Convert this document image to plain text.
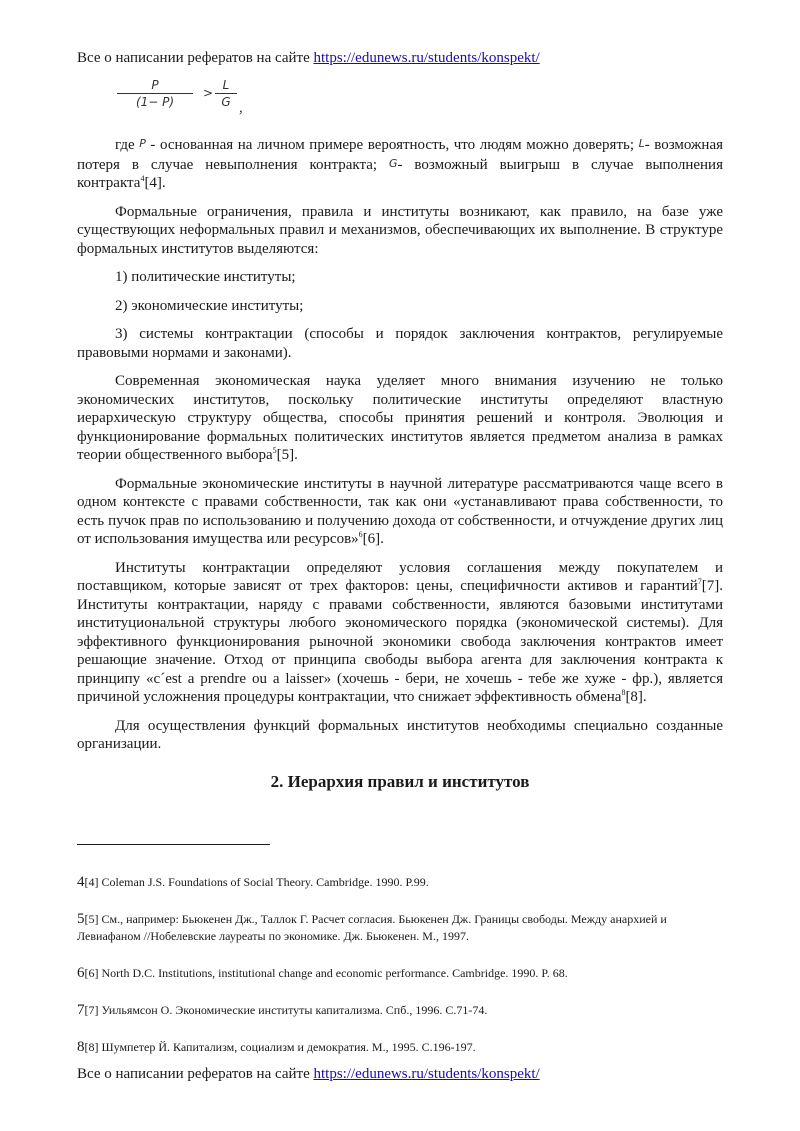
Все о написании рефератов на сайте https://edunews.ru/students/konspekt/
$\frac{P}{(1- P)} > \frac{L}{G}$ ,

где P - основанная на личном примере вероятность, что людям можно доверять; L- возможная потеря в случае невыполнения контракта; G- возможный выигрыш в случае выполнения контракта$^4$[4].

Формальные ограничения, правила и институты возникают, как правило, на базе уже существующих неформальных правил и механизмов, обеспечивающих их выполнение. В структуре формальных институтов выделяются:

1) политические институты;

2) экономические институты;

3) системы контрактации (способы и порядок заключения контрактов, регулируемые правовыми нормами и законами).

Современная экономическая наука уделяет много внимания изучению не только экономических институтов, поскольку политические институты определяют властную иерархическую структуру общества, способы принятия решений и контроля. Эволюция и функционирование формальных политических институтов является предметом анализа в рамках теории общественного выбора$^5$[5].

Формальные экономические институты в научной литературе рассматриваются чаще всего в одном контексте с правами собственности, так как они «устанавливают права собственности, то есть пучок прав по использованию и получению дохода от собственности, и отчуждение других лиц от использования имущества или ресурсов»$^6$[6].

Институты контрактации определяют условия соглашения между покупателем и поставщиком, которые зависят от трех факторов: цены, специфичности активов и гарантий$^7$[7]. Институты контрактации, наряду с правами собственности, являются базовыми институтами институциональной структуры любого экономического порядка (экономической системы). Для эффективного функционирования рыночной экономики свобода заключения контрактов имеет решающие значение. Отход от принципа свободы выбора агента для заключения контракта к принципу «c´est a prendre ou a laisser» (хочешь - бери, не хочешь - тебе же хуже - фр.), является причиной усложнения процедуры контрактации, что снижает эффективность обмена$^8$[8].

Для осуществления функций формальных институтов необходимы специально созданные организации.

2. Иерархия правил и институтов
4[4] Coleman J.S. Foundations of Social Theory. Cambridge. 1990. P.99.
5[5] См., например: Бьюкенен Дж., Таллок Г. Расчет согласия. Бьюкенен Дж. Границы свободы. Между анархией и Левиафаном //Нобелевские лауреаты по экономике. Дж. Бьюкенен. М., 1997.
6[6] North D.C. Institutions, institutional change and economic performance. Cambridge. 1990. P. 68.
7[7] Уильямсон О. Экономические институты капитализма. Спб., 1996. С.71-74.
8[8] Шумпетер Й. Капитализм, социализм и демократия. М., 1995. С.196-197.
Все о написании рефератов на сайте https://edunews.ru/students/konspekt/
